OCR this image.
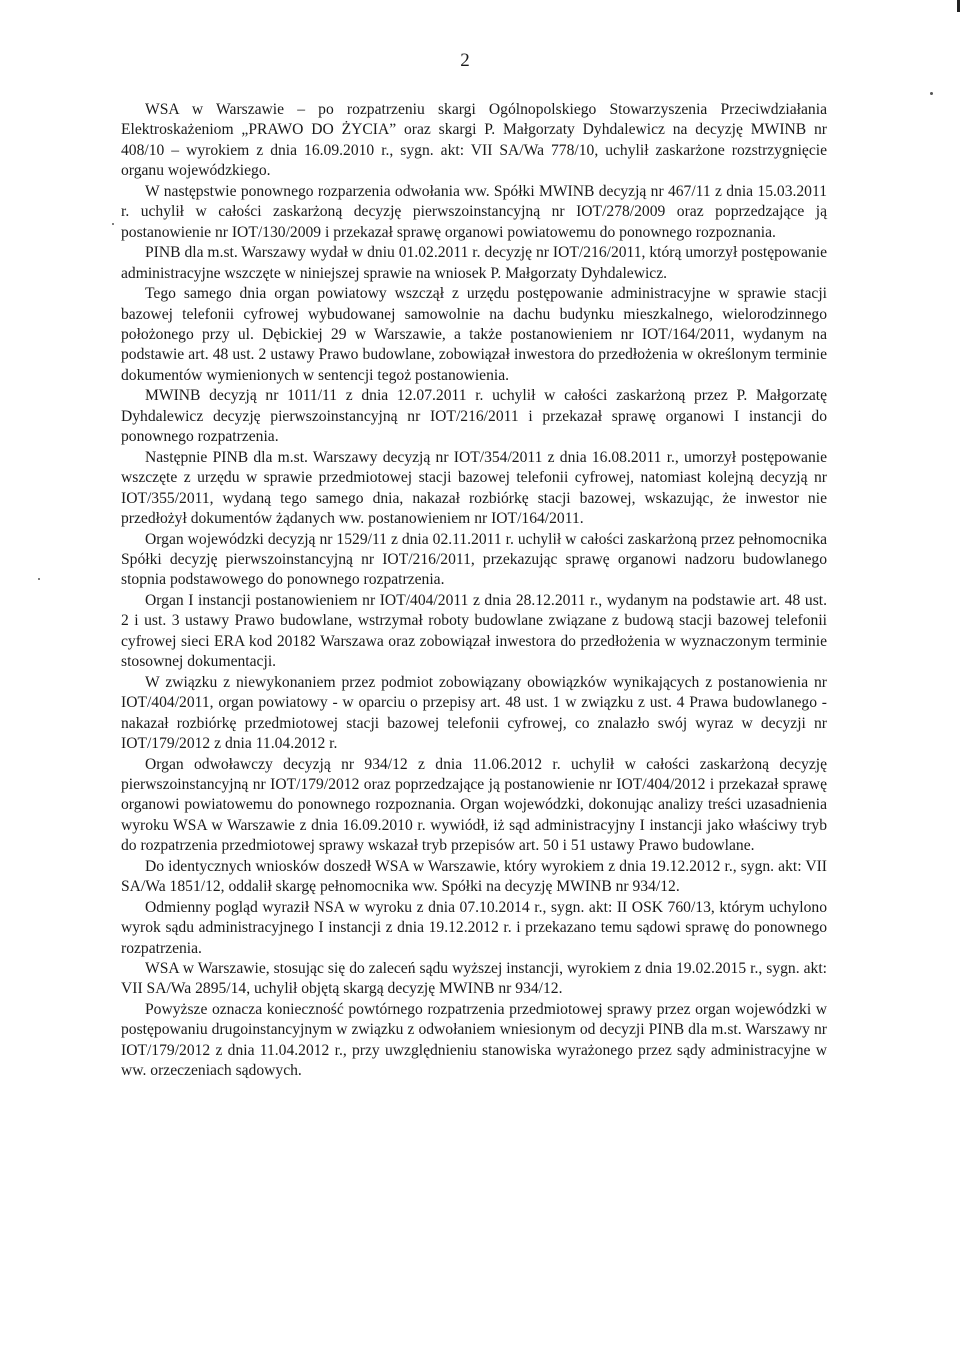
2

WSA w Warszawie – po rozpatrzeniu skargi Ogólnopolskiego Stowarzyszenia Przeciwdziałania Elektroskażeniom „PRAWO DO ŻYCIA” oraz skargi P. Małgorzaty Dyhdalewicz na decyzję MWINB nr 408/10 – wyrokiem z dnia 16.09.2010 r., sygn. akt: VII SA/Wa 778/10, uchylił zaskarżone rozstrzygnięcie organu wojewódzkiego.

W następstwie ponownego rozparzenia odwołania ww. Spółki MWINB decyzją nr 467/11 z dnia 15.03.2011 r. uchylił w całości zaskarżoną decyzję pierwszoinstancyjną nr IOT/278/2009 oraz poprzedzające ją postanowienie nr IOT/130/2009 i przekazał sprawę organowi powiatowemu do ponownego rozpoznania.

PINB dla m.st. Warszawy wydał w dniu 01.02.2011 r. decyzję nr IOT/216/2011, którą umorzył postępowanie administracyjne wszczęte w niniejszej sprawie na wniosek P. Małgorzaty Dyhdalewicz.

Tego samego dnia organ powiatowy wszczął z urzędu postępowanie administracyjne w sprawie stacji bazowej telefonii cyfrowej wybudowanej samowolnie na dachu budynku mieszkalnego, wielorodzinnego położonego przy ul. Dębickiej 29 w Warszawie, a także postanowieniem nr IOT/164/2011, wydanym na podstawie art. 48 ust. 2 ustawy Prawo budowlane, zobowiązał inwestora do przedłożenia w określonym terminie dokumentów wymienionych w sentencji tegoż postanowienia.

MWINB decyzją nr 1011/11 z dnia 12.07.2011 r. uchylił w całości zaskarżoną przez P. Małgorzatę Dyhdalewicz decyzję pierwszoinstancyjną nr IOT/216/2011 i przekazał sprawę organowi I instancji do ponownego rozpatrzenia.

Następnie PINB dla m.st. Warszawy decyzją nr IOT/354/2011 z dnia 16.08.2011 r., umorzył postępowanie wszczęte z urzędu w sprawie przedmiotowej stacji bazowej telefonii cyfrowej, natomiast kolejną decyzją nr IOT/355/2011, wydaną tego samego dnia, nakazał rozbiórkę stacji bazowej, wskazując, że inwestor nie przedłożył dokumentów żądanych ww. postanowieniem nr IOT/164/2011.

Organ wojewódzki decyzją nr 1529/11 z dnia 02.11.2011 r. uchylił w całości zaskarżoną przez pełnomocnika Spółki decyzję pierwszoinstancyjną nr IOT/216/2011, przekazując sprawę organowi nadzoru budowlanego stopnia podstawowego do ponownego rozpatrzenia.

Organ I instancji postanowieniem nr IOT/404/2011 z dnia 28.12.2011 r., wydanym na podstawie art. 48 ust. 2 i ust. 3 ustawy Prawo budowlane, wstrzymał roboty budowlane związane z budową stacji bazowej telefonii cyfrowej sieci ERA kod 20182 Warszawa oraz zobowiązał inwestora do przedłożenia w wyznaczonym terminie stosownej dokumentacji.

W związku z niewykonaniem przez podmiot zobowiązany obowiązków wynikających z postanowienia nr IOT/404/2011, organ powiatowy - w oparciu o przepisy art. 48 ust. 1 w związku z ust. 4 Prawa budowlanego - nakazał rozbiórkę przedmiotowej stacji bazowej telefonii cyfrowej, co znalazło swój wyraz w decyzji nr IOT/179/2012 z dnia 11.04.2012 r.

Organ odwoławczy decyzją nr 934/12 z dnia 11.06.2012 r. uchylił w całości zaskarżoną decyzję pierwszoinstancyjną nr IOT/179/2012 oraz poprzedzające ją postanowienie nr IOT/404/2012 i przekazał sprawę organowi powiatowemu do ponownego rozpoznania. Organ wojewódzki, dokonując analizy treści uzasadnienia wyroku WSA w Warszawie z dnia 16.09.2010 r. wywiódł, iż sąd administracyjny I instancji jako właściwy tryb do rozpatrzenia przedmiotowej sprawy wskazał tryb przepisów art. 50 i 51 ustawy Prawo budowlane.

Do identycznych wniosków doszedł WSA w Warszawie, który wyrokiem z dnia 19.12.2012 r., sygn. akt: VII SA/Wa 1851/12, oddalił skargę pełnomocnika ww. Spółki na decyzję MWINB nr 934/12.

Odmienny pogląd wyraził NSA w wyroku z dnia 07.10.2014 r., sygn. akt: II OSK 760/13, którym uchylono wyrok sądu administracyjnego I instancji z dnia 19.12.2012 r. i przekazano temu sądowi sprawę do ponownego rozpatrzenia.

WSA w Warszawie, stosując się do zaleceń sądu wyższej instancji, wyrokiem z dnia 19.02.2015 r., sygn. akt: VII SA/Wa 2895/14, uchylił objętą skargą decyzję MWINB nr 934/12.

Powyższe oznacza konieczność powtórnego rozpatrzenia przedmiotowej sprawy przez organ wojewódzki w postępowaniu drugoinstancyjnym w związku z odwołaniem wniesionym od decyzji PINB dla m.st. Warszawy nr IOT/179/2012 z dnia 11.04.2012 r., przy uwzględnieniu stanowiska wyrażonego przez sądy administracyjne w ww. orzeczeniach sądowych.
